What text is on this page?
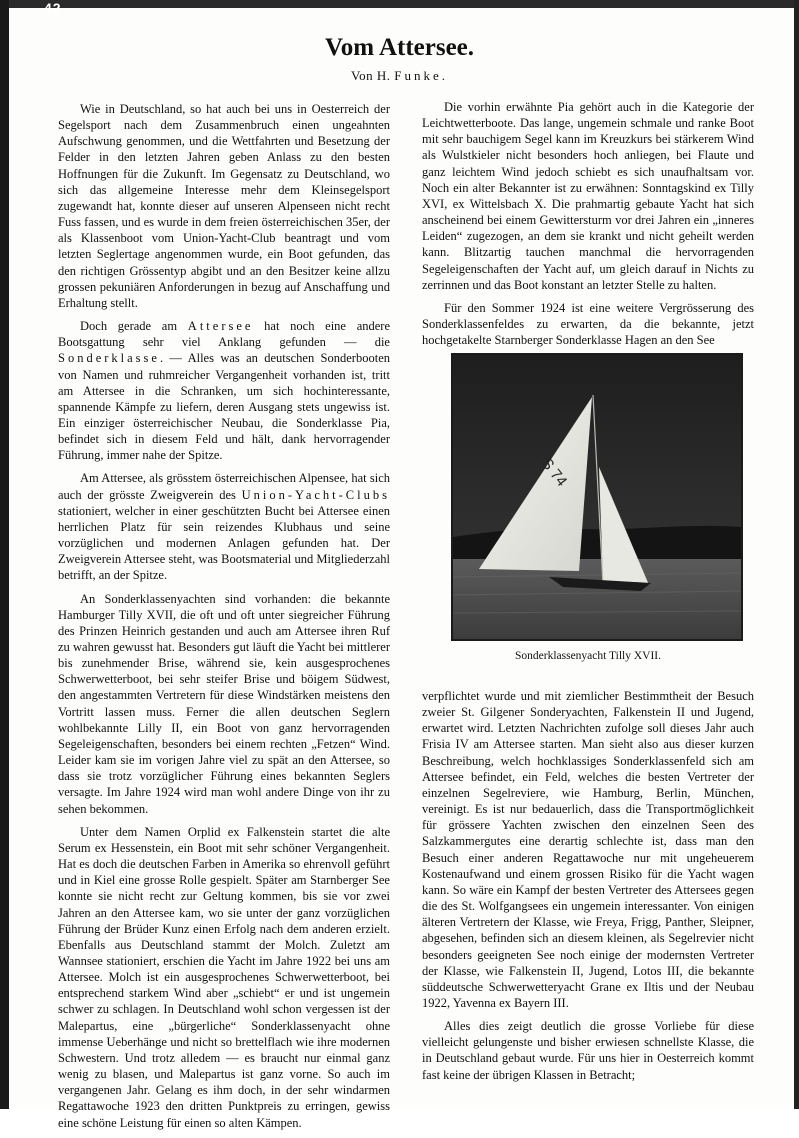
42
Vom Attersee.
Von H. Funke.

Wie in Deutschland, so hat auch bei uns in Oesterreich der Segelsport nach dem Zusammenbruch einen ungeahnten Aufschwung genommen, und die Wettfahrten und Besetzung der Felder in den letzten Jahren geben Anlass zu den besten Hoffnungen für die Zukunft. Im Gegensatz zu Deutschland, wo sich das allgemeine Interesse mehr dem Kleinsegelsport zugewandt hat, konnte dieser auf unseren Alpenseen nicht recht Fuss fassen, und es wurde in dem freien österreichischen 35er, der als Klassenboot vom Union-Yacht-Club beantragt und vom letzten Seglertage angenommen wurde, ein Boot gefunden, das den richtigen Grössentyp abgibt und an den Besitzer keine allzu grossen pekuniären Anforderungen in bezug auf Anschaffung und Erhaltung stellt.

Doch gerade am Attersee hat noch eine andere Bootsgattung sehr viel Anklang gefunden — die Sonderklasse. — Alles was an deutschen Sonderbooten von Namen und ruhmreicher Vergangenheit vorhanden ist, tritt am Attersee in die Schranken, um sich hochinteressante, spannende Kämpfe zu liefern, deren Ausgang stets ungewiss ist. Ein einziger österreichischer Neubau, die Sonderklasse Pia, befindet sich in diesem Feld und hält, dank hervorragender Führung, immer nahe der Spitze.

Am Attersee, als grösstem österreichischen Alpensee, hat sich auch der grösste Zweigverein des Union-Yacht-Clubs stationiert, welcher in einer geschützten Bucht bei Attersee einen herrlichen Platz für sein reizendes Klubhaus und seine vorzüglichen und modernen Anlagen gefunden hat. Der Zweigverein Attersee steht, was Bootsmaterial und Mitgliederzahl betrifft, an der Spitze.

An Sonderklassenyachten sind vorhanden: die bekannte Hamburger Tilly XVII, die oft und oft unter siegreicher Führung des Prinzen Heinrich gestanden und auch am Attersee ihren Ruf zu wahren gewusst hat. Besonders gut läuft die Yacht bei mittlerer bis zunehmender Brise, während sie, kein ausgesprochenes Schwerwetterboot, bei sehr steifer Brise und böigem Südwest, den angestammten Vertretern für diese Windstärken meistens den Vortritt lassen muss. Ferner die allen deutschen Seglern wohlbekannte Lilly II, ein Boot von ganz hervorragenden Segeleigenschaften, besonders bei einem rechten „Fetzen“ Wind. Leider kam sie im vorigen Jahre viel zu spät an den Attersee, so dass sie trotz vorzüglicher Führung eines bekannten Seglers versagte. Im Jahre 1924 wird man wohl andere Dinge von ihr zu sehen bekommen.

Unter dem Namen Orplid ex Falkenstein startet die alte Serum ex Hessenstein, ein Boot mit sehr schöner Vergangenheit. Hat es doch die deutschen Farben in Amerika so ehrenvoll geführt und in Kiel eine grosse Rolle gespielt. Später am Starnberger See konnte sie nicht recht zur Geltung kommen, bis sie vor zwei Jahren an den Attersee kam, wo sie unter der ganz vorzüglichen Führung der Brüder Kunz einen Erfolg nach dem anderen erzielt. Ebenfalls aus Deutschland stammt der Molch. Zuletzt am Wannsee stationiert, erschien die Yacht im Jahre 1922 bei uns am Attersee. Molch ist ein ausgesprochenes Schwerwetterboot, bei entsprechend starkem Wind aber „schiebt“ er und ist ungemein schwer zu schlagen. In Deutschland wohl schon vergessen ist der Malepartus, eine „bürgerliche“ Sonderklassenyacht ohne immense Ueberhänge und nicht so brettelflach wie ihre modernen Schwestern. Und trotz alledem — es braucht nur einmal ganz wenig zu blasen, und Malepartus ist ganz vorne. So auch im vergangenen Jahr. Gelang es ihm doch, in der sehr windarmen Regattawoche 1923 den dritten Punktpreis zu erringen, gewiss eine schöne Leistung für einen so alten Kämpen.

Die vorhin erwähnte Pia gehört auch in die Kategorie der Leichtwetterboote. Das lange, ungemein schmale und ranke Boot mit sehr bauchigem Segel kann im Kreuzkurs bei stärkerem Wind als Wulstkieler nicht besonders hoch anliegen, bei Flaute und ganz leichtem Wind jedoch schiebt es sich unaufhaltsam vor. Noch ein alter Bekannter ist zu erwähnen: Sonntagskind ex Tilly XVI, ex Wittelsbach X. Die prahmartig gebaute Yacht hat sich anscheinend bei einem Gewittersturm vor drei Jahren ein „inneres Leiden“ zugezogen, an dem sie krankt und nicht geheilt werden kann. Blitzartig tauchen manchmal die hervorragenden Segeleigenschaften der Yacht auf, um gleich darauf in Nichts zu zerrinnen und das Boot konstant an letzter Stelle zu halten.

Für den Sommer 1924 ist eine weitere Vergrösserung des Sonderklassenfeldes zu erwarten, da die bekannte, jetzt hochgetakelte Starnberger Sonderklasse Hagen an den See

S 74
Sonderklassenyacht Tilly XVII.

verpflichtet wurde und mit ziemlicher Bestimmtheit der Besuch zweier St. Gilgener Sonderyachten, Falkenstein II und Jugend, erwartet wird. Letzten Nachrichten zufolge soll dieses Jahr auch Frisia IV am Attersee starten. Man sieht also aus dieser kurzen Beschreibung, welch hochklassiges Sonderklassenfeld sich am Attersee befindet, ein Feld, welches die besten Vertreter der einzelnen Segelreviere, wie Hamburg, Berlin, München, vereinigt. Es ist nur bedauerlich, dass die Transportmöglichkeit für grössere Yachten zwischen den einzelnen Seen des Salzkammergutes eine derartig schlechte ist, dass man den Besuch einer anderen Regattawoche nur mit ungeheuerem Kostenaufwand und einem grossen Risiko für die Yacht wagen kann. So wäre ein Kampf der besten Vertreter des Attersees gegen die des St. Wolfgangsees ein ungemein interessanter. Von einigen älteren Vertretern der Klasse, wie Freya, Frigg, Panther, Sleipner, abgesehen, befinden sich an diesem kleinen, als Segelrevier nicht besonders geeigneten See noch einige der modernsten Vertreter der Klasse, wie Falkenstein II, Jugend, Lotos III, die bekannte süddeutsche Schwerwetteryacht Grane ex Iltis und der Neubau 1922, Yavenna ex Bayern III.

Alles dies zeigt deutlich die grosse Vorliebe für diese vielleicht gelungenste und bisher erwiesen schnellste Klasse, die in Deutschland gebaut wurde. Für uns hier in Oesterreich kommt fast keine der übrigen Klassen in Betracht;
